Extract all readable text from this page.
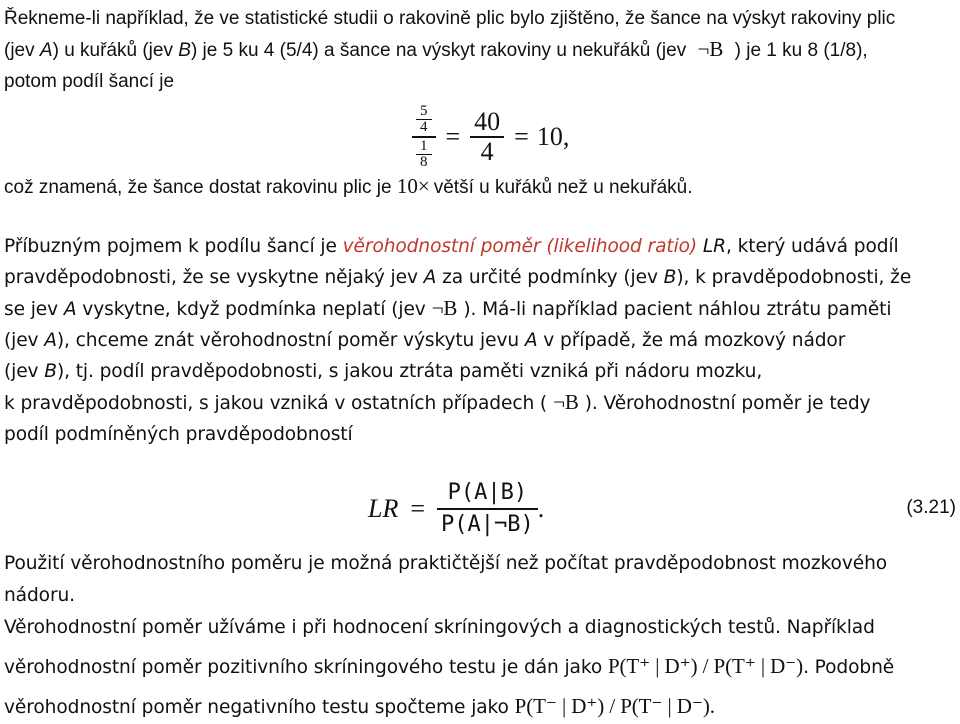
Řekneme-li například, že ve statistické studii o rakovině plic bylo zjištěno, že šance na výskyt rakoviny plic
(jev A) u kuřáků (jev B) je 5 ku 4 (5/4) a šance na výskyt rakoviny u nekuřáků (jev ¬B ) je 1 ku 8 (1/8),
potom podíl šancí je
5
4
1
8
=
40
4
= 10,
což znamená, že šance dostat rakovinu plic je 10× větší u kuřáků než u nekuřáků.
Příbuzným pojmem k podílu šancí je věrohodnostní poměr (likelihood ratio) LR, který udává podíl
pravděpodobnosti, že se vyskytne nějaký jev A za určité podmínky (jev B), k pravděpodobnosti, že
se jev A vyskytne, když podmínka neplatí (jev ¬B ). Má-li například pacient náhlou ztrátu paměti
(jev A), chceme znát věrohodnostní poměr výskytu jevu A v případě, že má mozkový nádor
(jev B), tj. podíl pravděpodobnosti, s jakou ztráta paměti vzniká při nádoru mozku,
k pravděpodobnosti, s jakou vzniká v ostatních případech ( ¬B ). Věrohodnostní poměr je tedy
podíl podmíněných pravděpodobností
LR =
P(A|B)
P(A|¬B)
.	(3.21)
Použití věrohodnostního poměru je možná praktičtější než počítat pravděpodobnost mozkového nádoru.
Věrohodnostní poměr užíváme i při hodnocení skríningových a diagnostických testů. Například
věrohodnostní poměr pozitivního skríningového testu je dán jako P(T⁺ | D⁺) / P(T⁺ | D⁻). Podobně
věrohodnostní poměr negativního testu spočteme jako P(T⁻ | D⁺) / P(T⁻ | D⁻).
